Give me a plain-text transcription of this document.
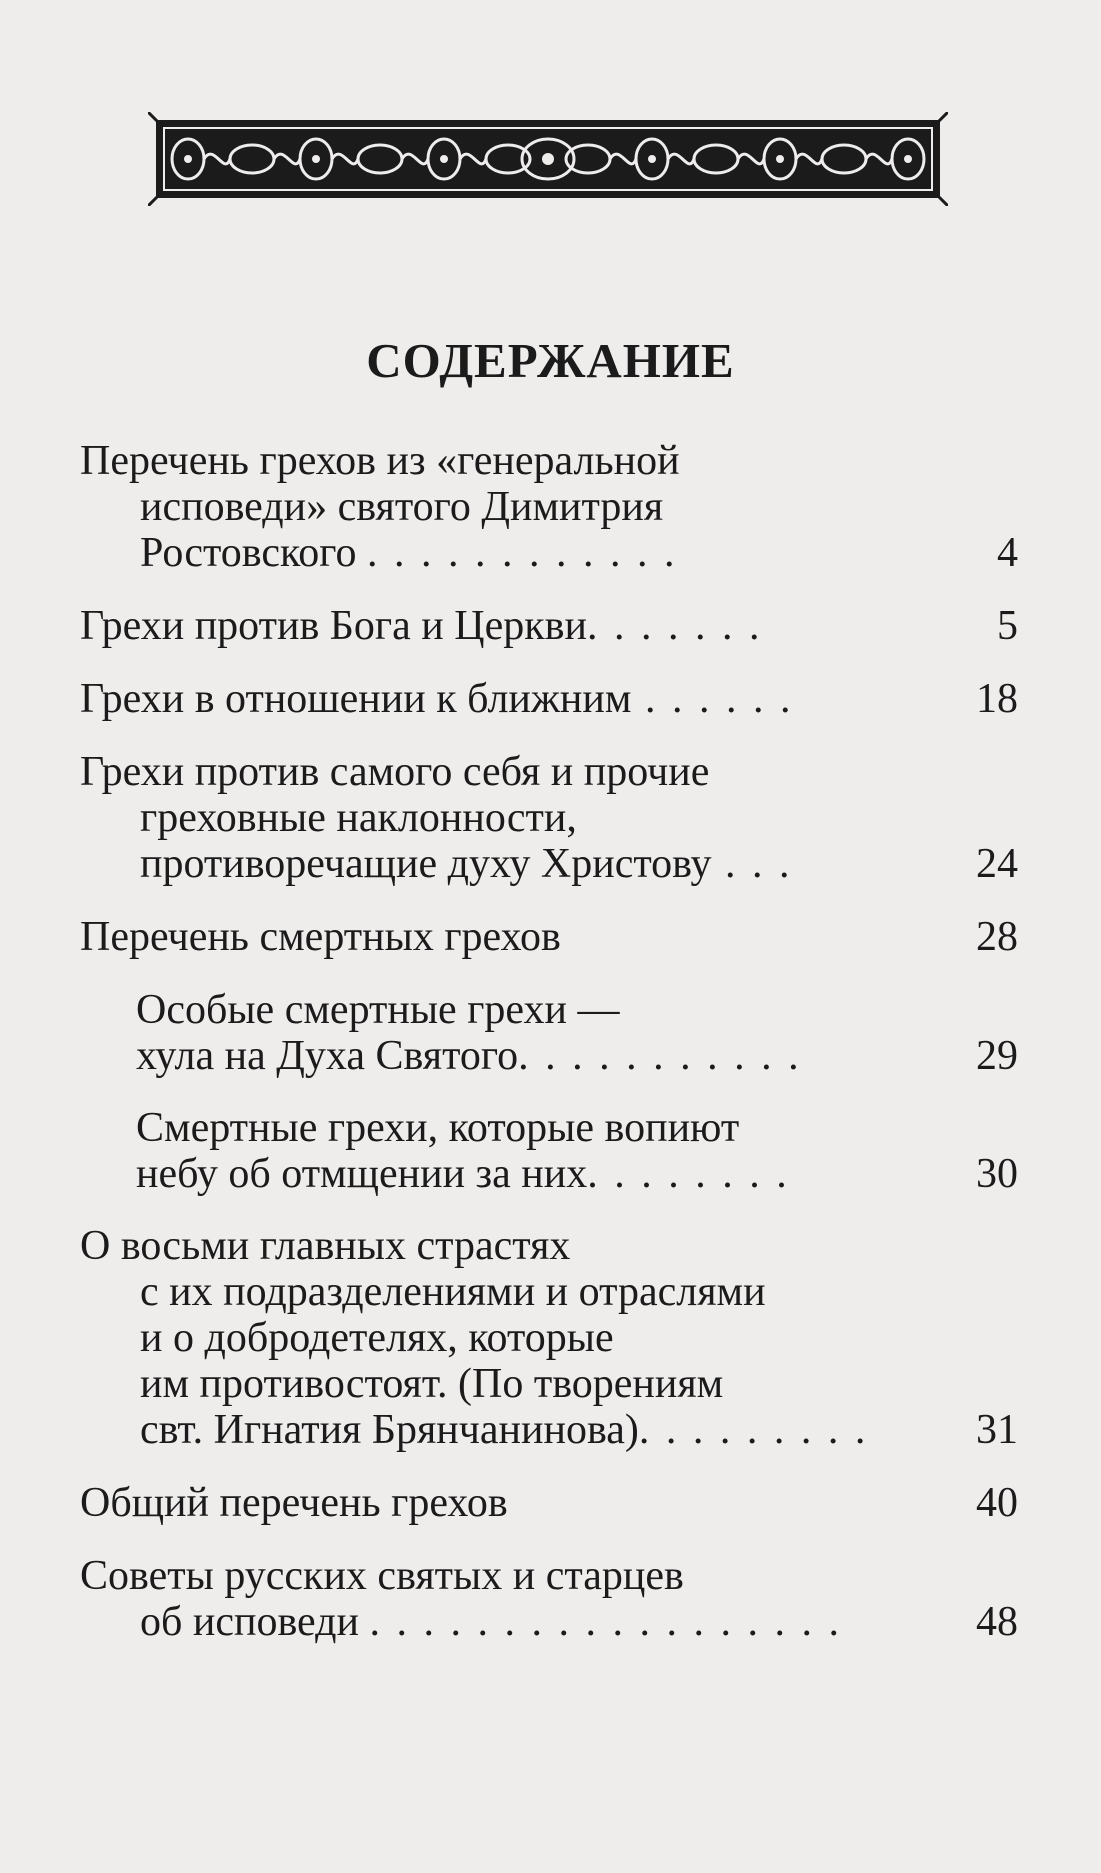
СОДЕРЖАНИЕ
Перечень грехов из «генеральной
исповеди» святого Димитрия
Ростовского . . . . . . . . . . . .	4
Грехи против Бога и Церкви. . . . . . .	5
Грехи в отношении к ближним . . . . . .	18
Грехи против самого себя и прочие
греховные наклонности,
противоречащие духу Христову . . .	24
Перечень смертных грехов	28
Особые смертные грехи —
хула на Духа Святого. . . . . . . . . . .	29
Смертные грехи, которые вопиют
небу об отмщении за них. . . . . . . .	30
О восьми главных страстях
с их подразделениями и отраслями
и о добродетелях, которые
им противостоят. (По творениям
свт. Игнатия Брянчанинова). . . . . . . . .	31
Общий перечень грехов	40
Советы русских святых и старцев
об исповеди . . . . . . . . . . . . . . . . . .	48
